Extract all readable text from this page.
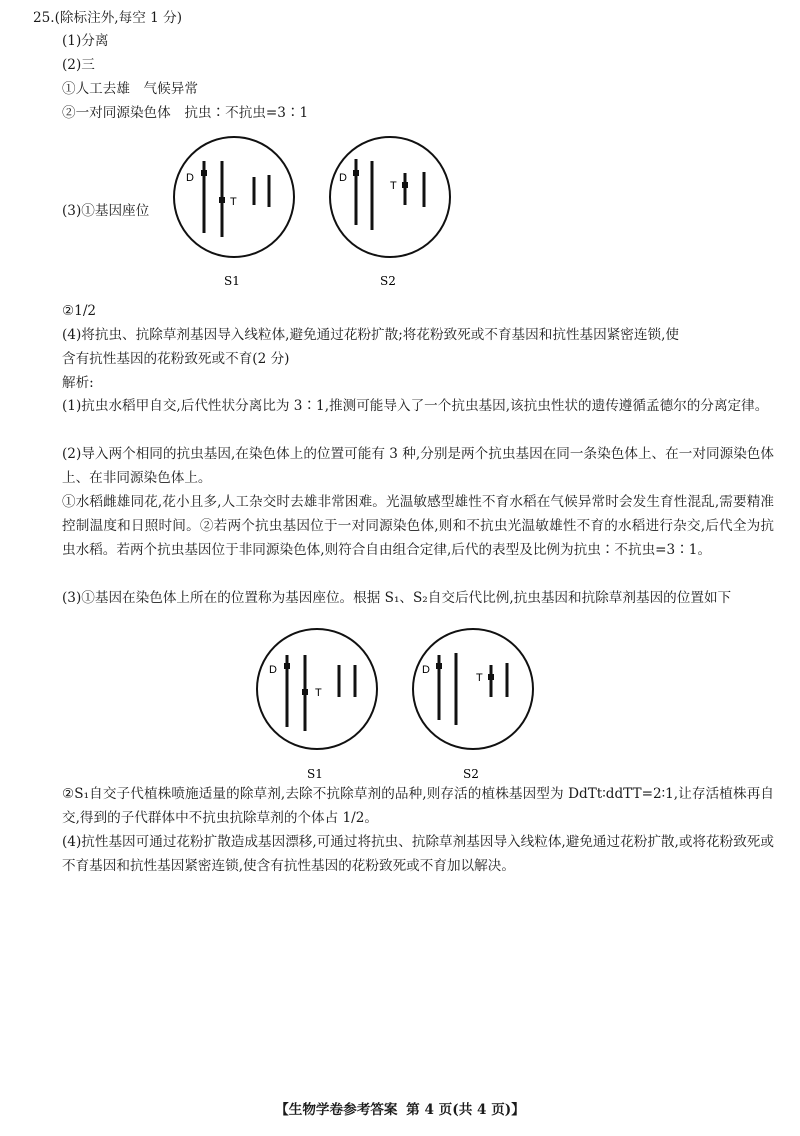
25.(除标注外,每空 1 分)
(1)分离
(2)三
①人工去雄　气候异常
②一对同源染色体　抗虫∶不抗虫=3∶1
(3)①基因座位
D
T
S1
D
T
S2
②1/2
(4)将抗虫、抗除草剂基因导入线粒体,避免通过花粉扩散;将花粉致死或不育基因和抗性基因紧密连锁,使
含有抗性基因的花粉致死或不育(2 分)
解析:
(1)抗虫水稻甲自交,后代性状分离比为 3∶1,推测可能导入了一个抗虫基因,该抗虫性状的遗传遵循孟德尔的分离定律。
(2)导入两个相同的抗虫基因,在染色体上的位置可能有 3 种,分别是两个抗虫基因在同一条染色体上、在一对同源染色体上、在非同源染色体上。
①水稻雌雄同花,花小且多,人工杂交时去雄非常困难。光温敏感型雄性不育水稻在气候异常时会发生育性混乱,需要精准控制温度和日照时间。②若两个抗虫基因位于一对同源染色体,则和不抗虫光温敏雄性不育的水稻进行杂交,后代全为抗虫水稻。若两个抗虫基因位于非同源染色体,则符合自由组合定律,后代的表型及比例为抗虫∶不抗虫=3∶1。
(3)①基因在染色体上所在的位置称为基因座位。根据 S₁、S₂自交后代比例,抗虫基因和抗除草剂基因的位置如下
D
T
S1
D
T
S2
②S₁自交子代植株喷施适量的除草剂,去除不抗除草剂的品种,则存活的植株基因型为 DdTt∶ddTT=2∶1,让存活植株再自交,得到的子代群体中不抗虫抗除草剂的个体占 1/2。
(4)抗性基因可通过花粉扩散造成基因漂移,可通过将抗虫、抗除草剂基因导入线粒体,避免通过花粉扩散,或将花粉致死或不育基因和抗性基因紧密连锁,使含有抗性基因的花粉致死或不育加以解决。
【生物学卷参考答案 第 4 页(共 4 页)】
